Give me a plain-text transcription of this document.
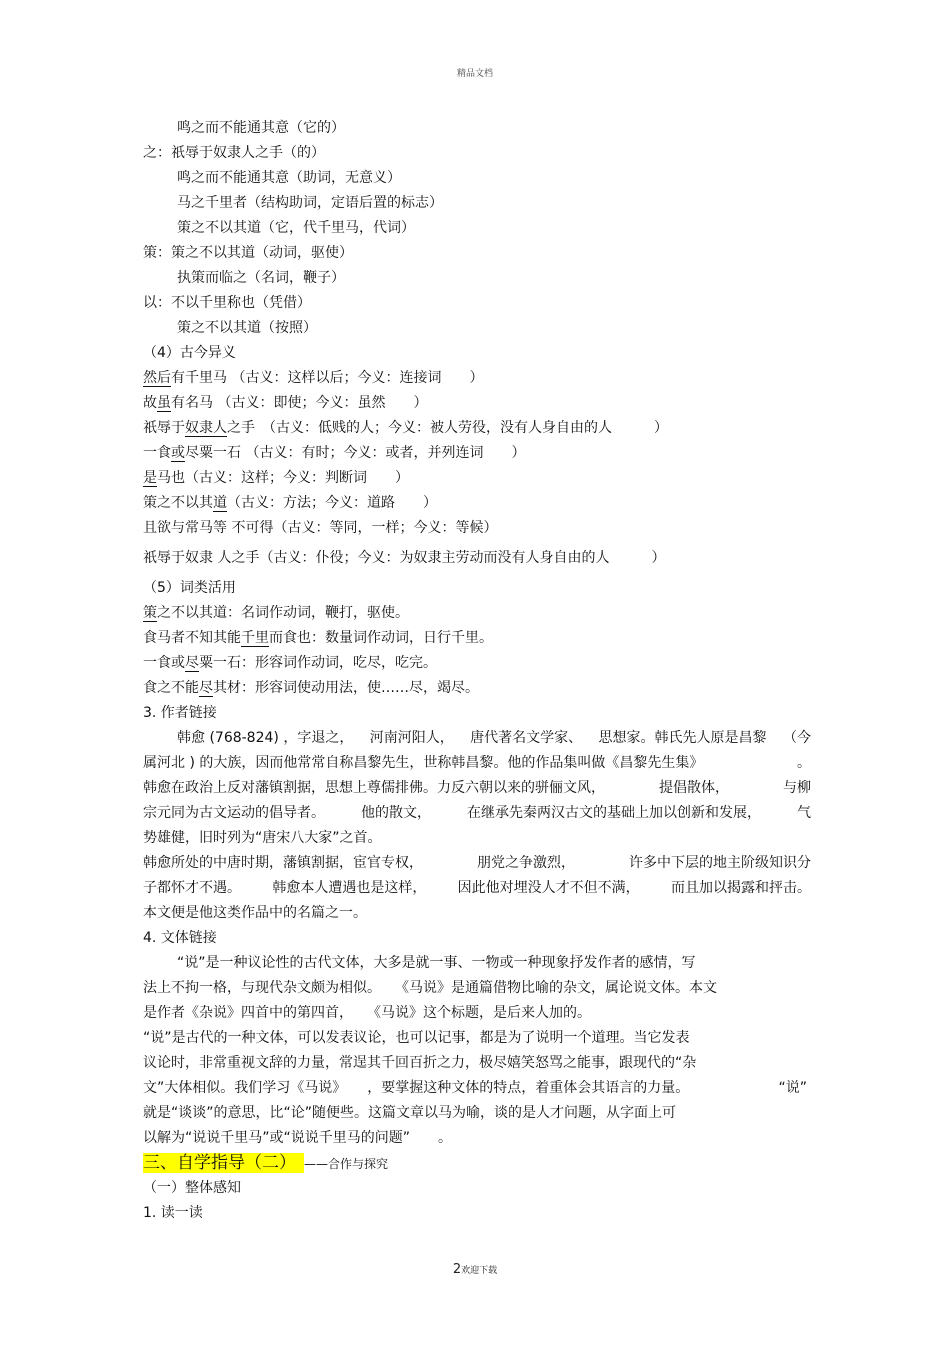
精品文档
鸣之而不能通其意（它的）
之：祇辱于奴隶人之手（的）
鸣之而不能通其意（助词，无意义）
马之千里者（结构助词，定语后置的标志）
策之不以其道（它，代千里马，代词）
策：策之不以其道（动词，驱使）
执策而临之（名词，鞭子）
以：不以千里称也（凭借）
策之不以其道（按照）
（4）古今异义
然后有千里马 （古义：这样以后；今义：连接词　　）
故虽有名马 （古义：即使；今义：虽然　　）
祇辱于奴隶人之手　（古义：低贱的人；今义：被人劳役，没有人身自由的人　　　）
一食或尽粟一石 （古义：有时；今义：或者，并列连词　　）
是马也（古义：这样；今义：判断词　　）
策之不以其道（古义：方法；今义：道路　　）
且欲与常马等 不可得（古义：等同，一样；今义：等候）
祇辱于奴隶 人之手（古义：仆役；今义：为奴隶主劳动而没有人身自由的人　　　）
（5）词类活用
策之不以其道：名词作动词，鞭打，驱使。
食马者不知其能千里而食也：数量词作动词，日行千里。
一食或尽粟一石：形容词作动词，吃尽，吃完。
食之不能尽其材：形容词使动用法，使……尽，竭尽。
3. 作者链接
韩愈 (768-824) ，字退之， 河南河阳人， 唐代著名文学家、 思想家。韩氏先人原是昌黎 （今
属河北 ) 的大族，因而他常常自称昌黎先生，世称韩昌黎。他的作品集叫做《昌黎先生集》	。
韩愈在政治上反对藩镇割据，思想上尊儒排佛。力反六朝以来的骈俪文风，	提倡散体，	与柳
宗元同为古文运动的倡导者。	他的散文，	在继承先秦两汉古文的基础上加以创新和发展，	气
势雄健，旧时列为“唐宋八大家”之首。
韩愈所处的中唐时期，藩镇割据，宦官专权，	朋党之争激烈，	许多中下层的地主阶级知识分
子都怀才不遇。 韩愈本人遭遇也是这样， 因此他对埋没人才不但不满， 而且加以揭露和抨击。
本文便是他这类作品中的名篇之一。
4. 文体链接
“说”是一种议论性的古代文体，大多是就一事、一物或一种现象抒发作者的感情，写
法上不拘一格，与现代杂文颇为相似。　　《马说》是通篇借物比喻的杂文，属论说文体。本文
是作者《杂说》四首中的第四首，　　《马说》这个标题，是后来人加的。
“说”是古代的一种文体，可以发表议论，也可以记事，都是为了说明一个道理。当它发表
议论时，非常重视文辞的力量，常逞其千回百折之力，极尽嬉笑怒骂之能事，跟现代的“杂
文”大体相似。我们学习《马说》　　，要掌握这种文体的特点，着重体会其语言的力量。	“说”
就是“谈谈”的意思，比“论”随便些。这篇文章以马为喻，谈的是人才问题，从字面上可
以解为“说说千里马”或“说说千里马的问题”　　。
三、自学指导（二） ——合作与探究
（一）整体感知
1. 读一读
2欢迎下载
